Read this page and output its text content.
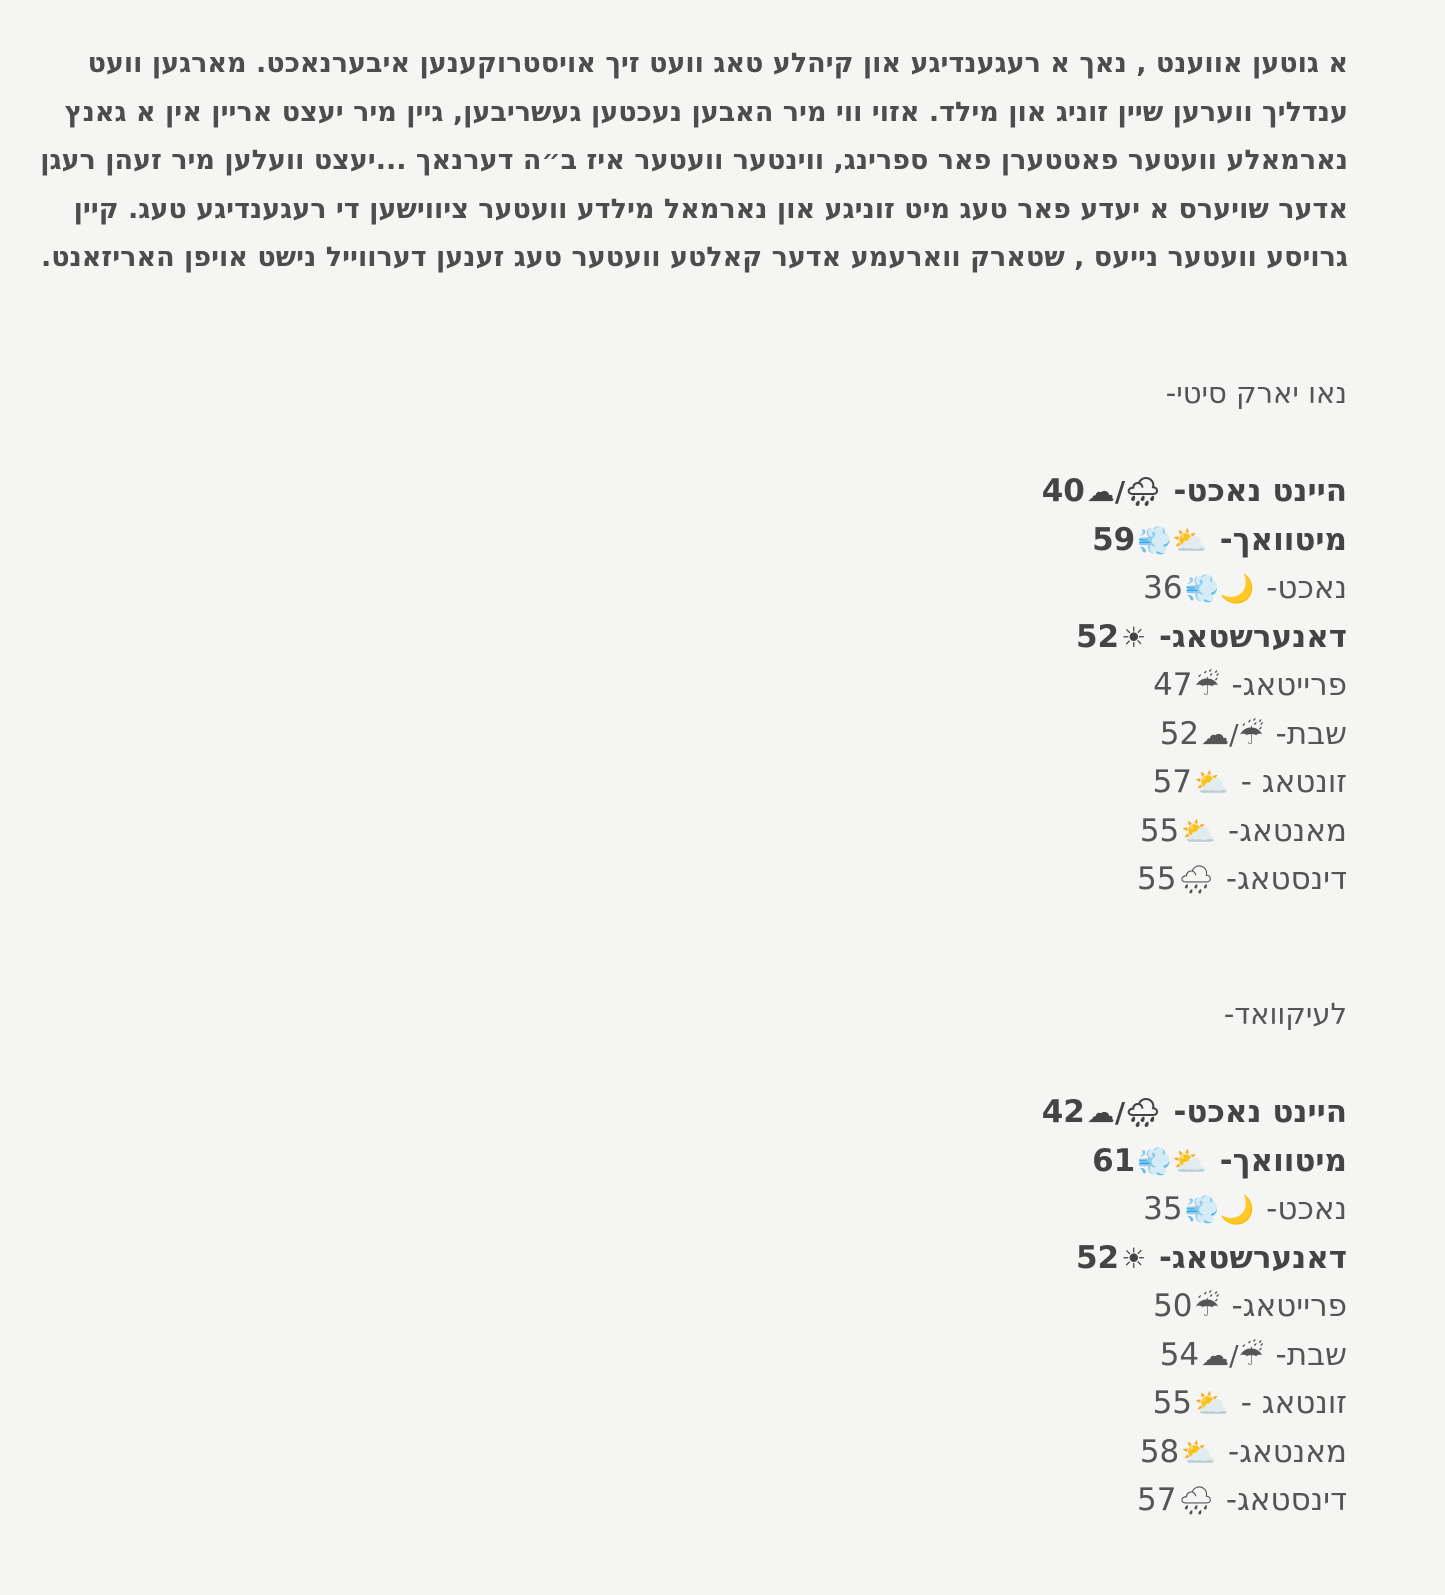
א גוטען אווענט , נאך א רעגענדיגע און קיהלע טאג וועט זיך אויסטרוקענען איבערנאכט. מארגען וועט ענדליך ווערען שיין זוניג און מילד. אזוי ווי מיר האבען נעכטען געשריבען, גיין מיר יעצט אריין אין א גאנץ נארמאלע וועטער פאטטערן פאר ספרינג, ווינטער וועטער איז ב״ה דערנאך ...יעצט וועלען מיר זעהן רעגן אדער שויערס א יעדע פאר טעג מיט זוניגע און נארמאל מילדע וועטער ציווישען די רעגענדיגע טעג. קיין גרויסע וועטער נייעס , שטארק ווארעמע אדער קאלטע וועטער טעג זענען דערווייל נישט אויפן האריזאנט.

נאו יארק סיטי-
היינט נאכט- 🌧/☁40
מיטוואך- ⛅💨59
נאכט- 🌙💨36
דאנערשטאג- ☀52
פרייטאג- ☔47
שבת- ☔/☁52
זונטאג - ⛅57
מאנטאג- ⛅55
דינסטאג- 🌧55
לעיקוואד-
היינט נאכט- 🌧/☁42
מיטוואך- ⛅💨61
נאכט- 🌙💨35
דאנערשטאג- ☀52
פרייטאג- ☔50
שבת- ☔/☁54
זונטאג - ⛅55
מאנטאג- ⛅58
דינסטאג- 🌧57
